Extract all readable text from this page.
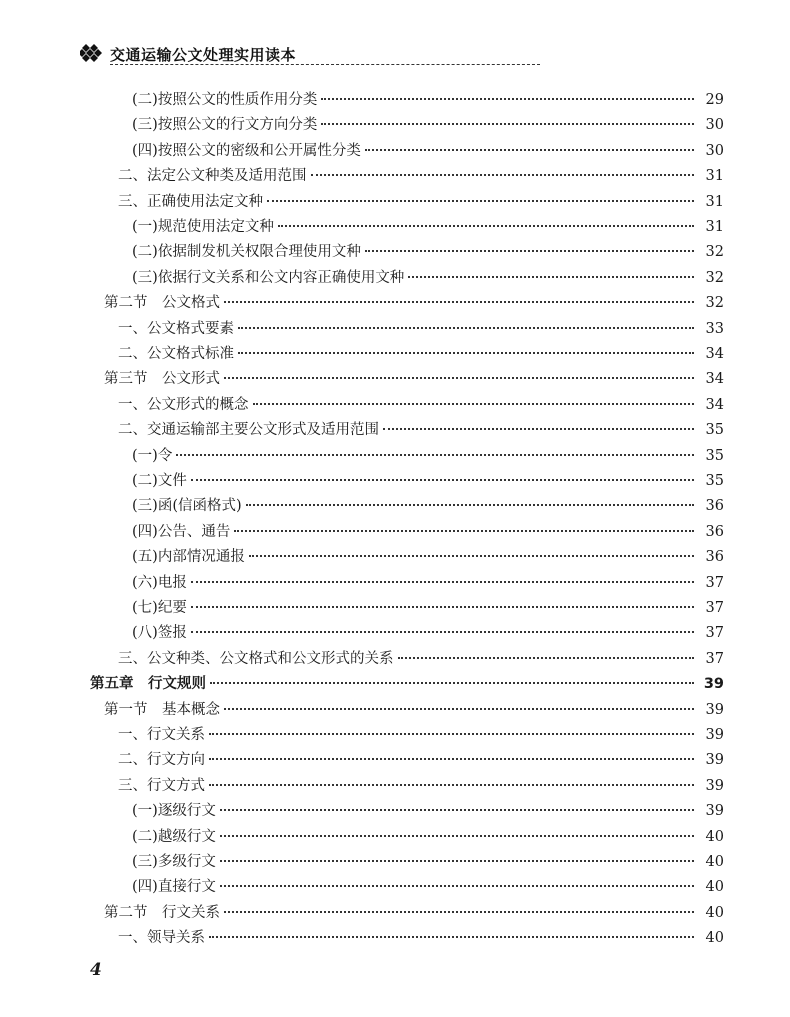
交通运输公文处理实用读本
(二)按照公文的性质作用分类	29
(三)按照公文的行文方向分类	30
(四)按照公文的密级和公开属性分类	30
二、法定公文种类及适用范围	31
三、正确使用法定文种	31
(一)规范使用法定文种	31
(二)依据制发机关权限合理使用文种	32
(三)依据行文关系和公文内容正确使用文种	32
第二节　公文格式	32
一、公文格式要素	33
二、公文格式标准	34
第三节　公文形式	34
一、公文形式的概念	34
二、交通运输部主要公文形式及适用范围	35
(一)令	35
(二)文件	35
(三)函(信函格式)	36
(四)公告、通告	36
(五)内部情况通报	36
(六)电报	37
(七)纪要	37
(八)签报	37
三、公文种类、公文格式和公文形式的关系	37
第五章　行文规则	39
第一节　基本概念	39
一、行文关系	39
二、行文方向	39
三、行文方式	39
(一)逐级行文	39
(二)越级行文	40
(三)多级行文	40
(四)直接行文	40
第二节　行文关系	40
一、领导关系	40
4
